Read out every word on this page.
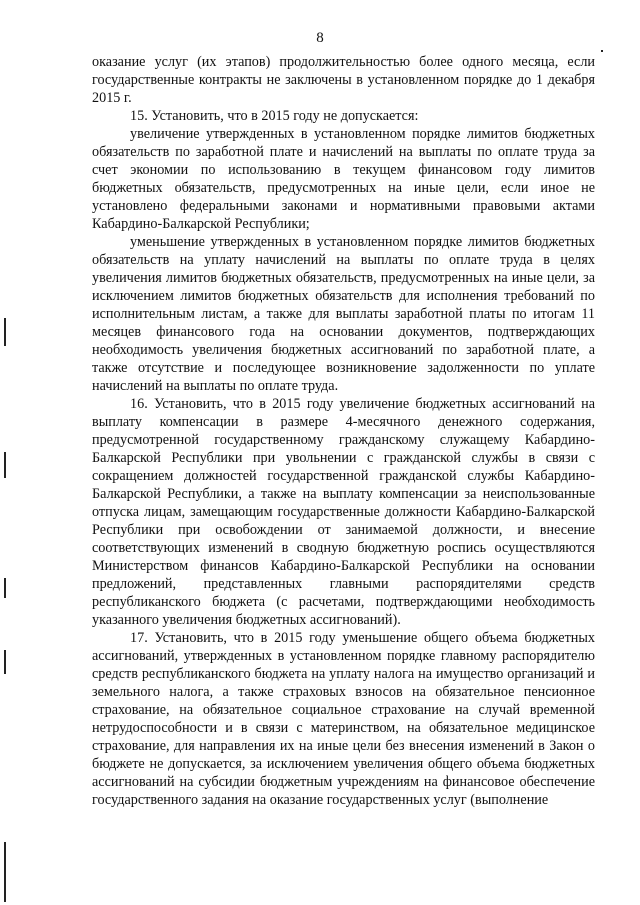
8

оказание услуг (их этапов) продолжительностью более одного месяца, если государственные контракты не заключены в установленном порядке до 1 декабря 2015 г.

15. Установить, что в 2015 году не допускается:

увеличение утвержденных в установленном порядке лимитов бюджетных обязательств по заработной плате и начислений на выплаты по оплате труда за счет экономии по использованию в текущем финансовом году лимитов бюджетных обязательств, предусмотренных на иные цели, если иное не установлено федеральными законами и нормативными правовыми актами Кабардино-Балкарской Республики;

уменьшение утвержденных в установленном порядке лимитов бюджетных обязательств на уплату начислений на выплаты по оплате труда в целях увеличения лимитов бюджетных обязательств, предусмотренных на иные цели, за исключением лимитов бюджетных обязательств для исполнения требований по исполнительным листам, а также для выплаты заработной платы по итогам 11 месяцев финансового года на основании документов, подтверждающих необходимость увеличения бюджетных ассигнований по заработной плате, а также отсутствие и последующее возникновение задолженности по уплате начислений на выплаты по оплате труда.

16. Установить, что в 2015 году увеличение бюджетных ассигнований на выплату компенсации в размере 4-месячного денежного содержания, предусмотренной государственному гражданскому служащему Кабардино-Балкарской Республики при увольнении с гражданской службы в связи с сокращением должностей государственной гражданской службы Кабардино-Балкарской Республики, а также на выплату компенсации за неиспользованные отпуска лицам, замещающим государственные должности Кабардино-Балкарской Республики при освобождении от занимаемой должности, и внесение соответствующих изменений в сводную бюджетную роспись осуществляются Министерством финансов Кабардино-Балкарской Республики на основании предложений, представленных главными распорядителями средств республиканского бюджета (с расчетами, подтверждающими необходимость указанного увеличения бюджетных ассигнований).

17. Установить, что в 2015 году уменьшение общего объема бюджетных ассигнований, утвержденных в установленном порядке главному распорядителю средств республиканского бюджета на уплату налога на имущество организаций и земельного налога, а также страховых взносов на обязательное пенсионное страхование, на обязательное социальное страхование на случай временной нетрудоспособности и в связи с материнством, на обязательное медицинское страхование, для направления их на иные цели без внесения изменений в Закон о бюджете не допускается, за исключением увеличения общего объема бюджетных ассигнований на субсидии бюджетным учреждениям на финансовое обеспечение государственного задания на оказание государственных услуг (выполнение
